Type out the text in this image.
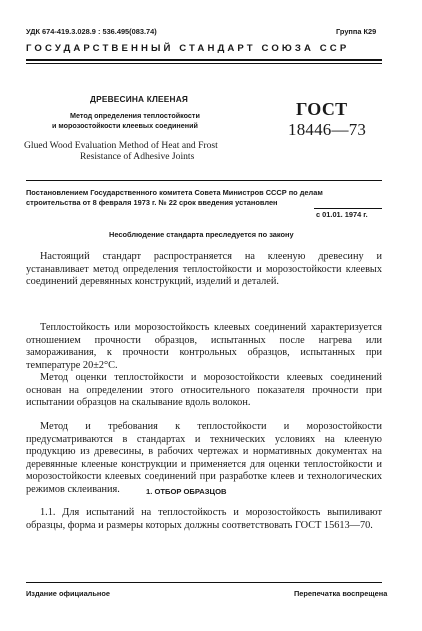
УДК 674-419.3.028.9 : 536.495(083.74)	Группа К29
ГОСУДАРСТВЕННЫЙ СТАНДАРТ СОЮЗА ССР
ДРЕВЕСИНА КЛЕЕНАЯ
Метод определения теплостойкости
и морозостойкости клеевых соединений
Glued Wood Evaluation Method of Heat and Frost
Resistance of Adhesive Joints
ГОСТ
18446—73
Постановлением Государственного комитета Совета Министров СССР по делам
строительства от 8 февраля 1973 г. № 22 срок введения установлен
с 01.01. 1974 г.
Несоблюдение стандарта преследуется по закону

Настоящий стандарт распространяется на клееную древесину и устанавливает метод определения теплостойкости и морозостойкости клеевых соединений деревянных конструкций, изделий и деталей.

Теплостойкость или морозостойкость клеевых соединений характеризуется отношением прочности образцов, испытанных после нагрева или замораживания, к прочности контрольных образцов, испытанных при температуре 20±2°С.

Метод оценки теплостойкости и морозостойкости клеевых соединений основан на определении этого относительного показателя прочности при испытании образцов на скалывание вдоль волокон.

Метод и требования к теплостойкости и морозостойкости предусматриваются в стандартах и технических условиях на клееную продукцию из древесины, в рабочих чертежах и нормативных документах на деревянные клееные конструкции и применяется для оценки теплостойкости и морозостойкости клеевых соединений при разработке клеев и технологических режимов склеивания.	1. ОТБОР ОБРАЗЦОВ

1.1. Для испытаний на теплостойкость и морозостойкость выпиливают образцы, форма и размеры которых должны соответствовать ГОСТ 15613—70.

Издание официальное	Перепечатка воспрещена
